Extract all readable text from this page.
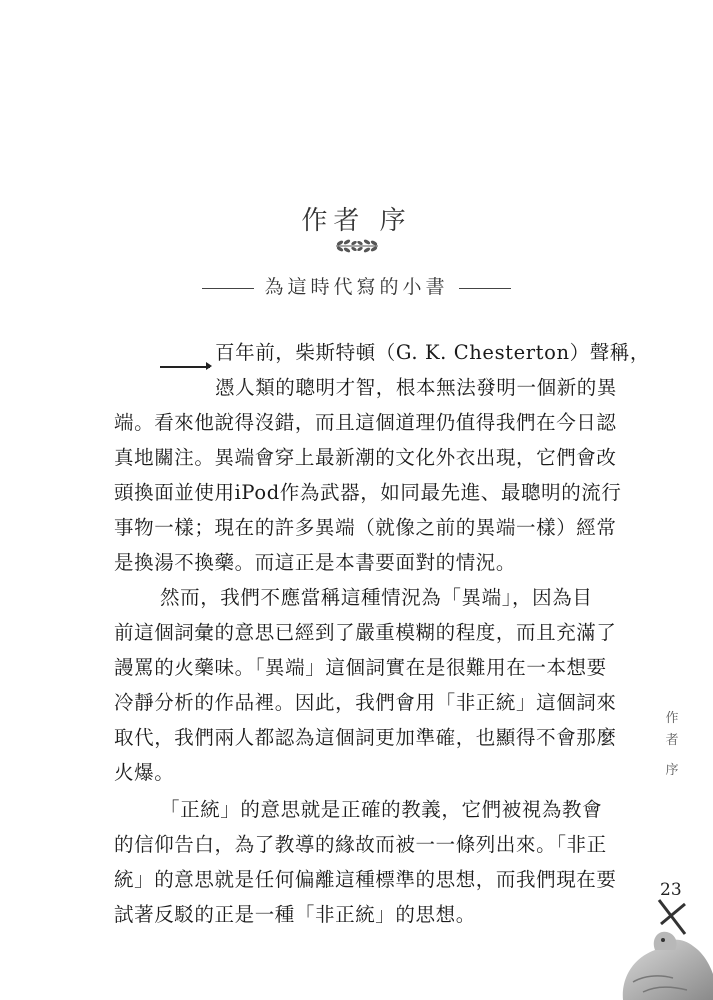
作者 序
為這時代寫的小書
百年前，柴斯特頓（G. K. Chesterton）聲稱，
憑人類的聰明才智，根本無法發明一個新的異
端。看來他說得沒錯，而且這個道理仍值得我們在今日認
真地關注。異端會穿上最新潮的文化外衣出現，它們會改
頭換面並使用iPod作為武器，如同最先進、最聰明的流行
事物一樣；現在的許多異端（就像之前的異端一樣）經常
是換湯不換藥。而這正是本書要面對的情況。
然而，我們不應當稱這種情況為「異端」，因為目
前這個詞彙的意思已經到了嚴重模糊的程度，而且充滿了
謾罵的火藥味。「異端」這個詞實在是很難用在一本想要
冷靜分析的作品裡。因此，我們會用「非正統」這個詞來
取代，我們兩人都認為這個詞更加準確，也顯得不會那麼
火爆。
「正統」的意思就是正確的教義，它們被視為教會
的信仰告白，為了教導的緣故而被一一條列出來。「非正
統」的意思就是任何偏離這種標準的思想，而我們現在要
試著反駁的正是一種「非正統」的思想。
作
者
序
23
